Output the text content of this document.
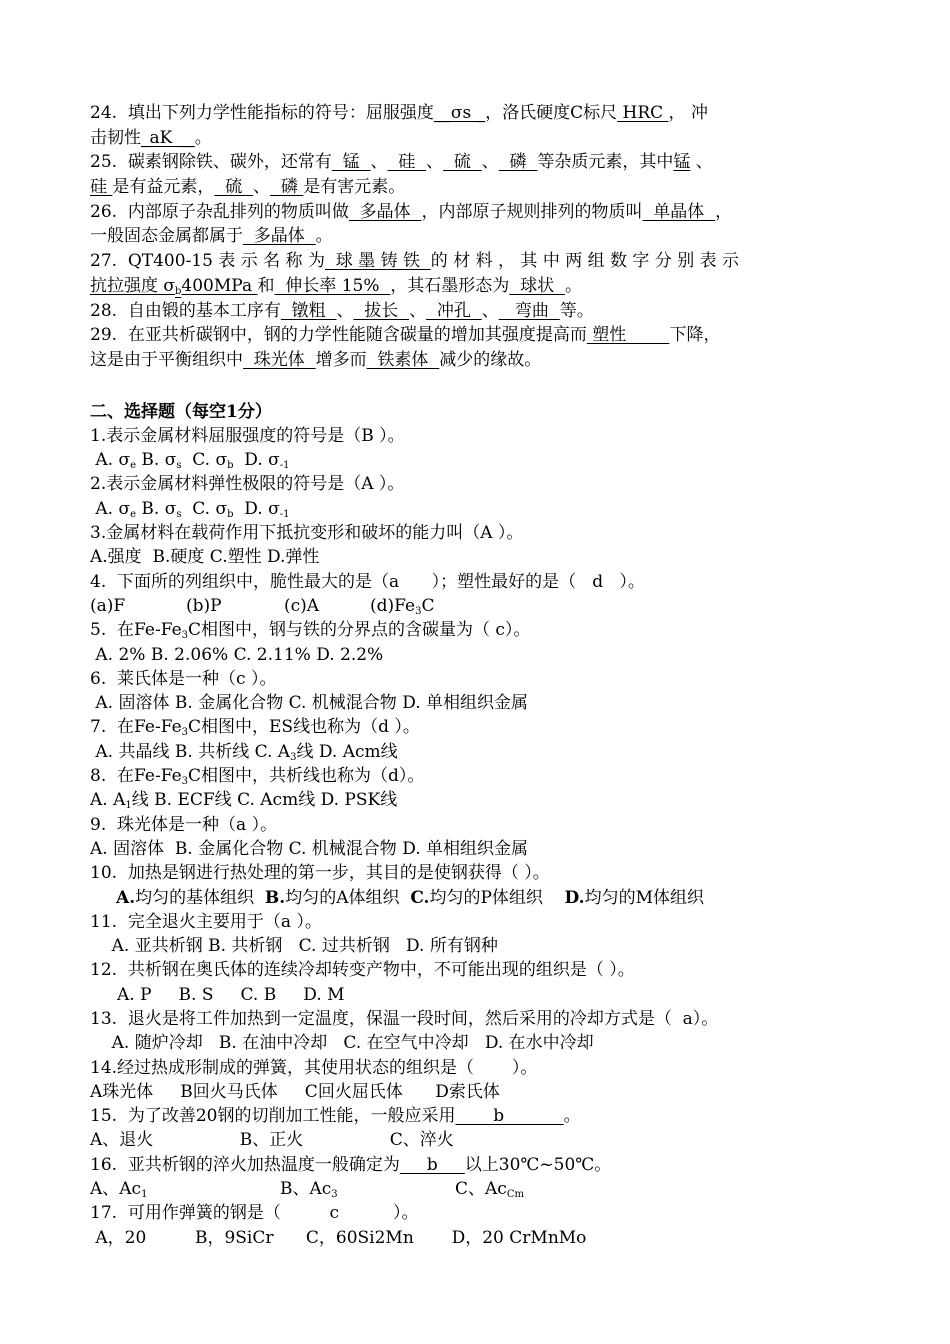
24.  填出下列力学性能指标的符号：屈服强度__σs _，洛氏硬度C标尺 HRC ， 冲
击韧性_aK __。
25.  碳素钢除铁、碳外，还常有  锰  、  硅  、  硫  、  磷  等杂质元素，其中锰 、
硅 是有益元素，  硫  、  磷 是有害元素。
26.  内部原子杂乱排列的物质叫做  多晶体  ，内部原子规则排列的物质叫  单晶体  ，
一般固态金属都属于  多晶体  。
27.  QT400-15 表 示 名 称 为  球 墨 铸 铁  的 材 料 ， 其 中 两 组 数 字 分 别 表 示
抗拉强度 $\sigma_b400MPa$ 和  伸长率 15%  ，其石墨形态为  球状  。
28.  自由锻的基本工序有  镦粗  、  拔长  、  冲孔  、   弯曲  等。
29.  在亚共析碳钢中，钢的力学性能随含碳量的增加其强度提高而 塑性        下降，
这是由于平衡组织中  珠光体  增多而  铁素体  减少的缘故。
二、选择题（每空1分）
1.表示金属材料屈服强度的符号是（B ）。
A. $\sigma_e$ B. $\sigma_s$  C. $\sigma_b$  D. $\sigma_{-1}$
2.表示金属材料弹性极限的符号是（A ）。
A. $\sigma_e$ B. $\sigma_s$  C. $\sigma_b$  D. $\sigma_{-1}$
3.金属材料在载荷作用下抵抗变形和破坏的能力叫（A ）。
A.强度  B.硬度 C.塑性 D.弹性
4.  下面所的列组织中，脆性最大的是（a      ）；塑性最好的是（   d   ）。
(a)F	(b)P	(c)A	$(d)Fe_3C$
5.  在$Fe-Fe_3C$相图中，钢与铁的分界点的含碳量为（ c）。
A. 2% B. 2.06% C. 2.11% D. 2.2%
6.  莱氏体是一种（c ）。
A. 固溶体 B. 金属化合物 C. 机械混合物 D. 单相组织金属
7.  在$Fe-Fe_3C$相图中，ES线也称为（d ）。
A. 共晶线 B. 共析线 C. $A_3$线 D. Acm线
8.  在$Fe-Fe_3C$相图中，共析线也称为（d）。
A. $A_1$线 B. ECF线 C. Acm线 D. PSK线
9.  珠光体是一种（a ）。
A. 固溶体  B. 金属化合物 C. 机械混合物 D. 单相组织金属
10.  加热是钢进行热处理的第一步，其目的是使钢获得（ ）。
A.均匀的基体组织  B.均匀的A体组织  C.均匀的P体组织    D.均匀的M体组织
11.  完全退火主要用于（a ）。
A. 亚共析钢 B. 共析钢   C. 过共析钢   D. 所有钢种
12.  共析钢在奥氏体的连续冷却转变产物中，不可能出现的组织是（ ）。
A. P     B. S     C. B     D. M
13.  退火是将工件加热到一定温度，保温一段时间，然后采用的冷却方式是（  a）。
A. 随炉冷却   B. 在油中冷却   C. 在空气中冷却   D. 在水中冷却
14.经过热成形制成的弹簧，其使用状态的组织是（       ）。
A珠光体     B回火马氏体     C回火屈氏体      D索氏体
15.  为了改善20钢的切削加工性能，一般应采用       b           。
A、退火                B、正火                C、淬火
16.  亚共析钢的淬火加热温度一般确定为     b     以上30℃~50℃。
A、$Ac_1$	B、$Ac_3$	C、$Ac_{Cm}$
17.  可用作弹簧的钢是（         c          ）。
A，20         B，9SiCr      C，60Si2Mn       D，20 CrMnMo
